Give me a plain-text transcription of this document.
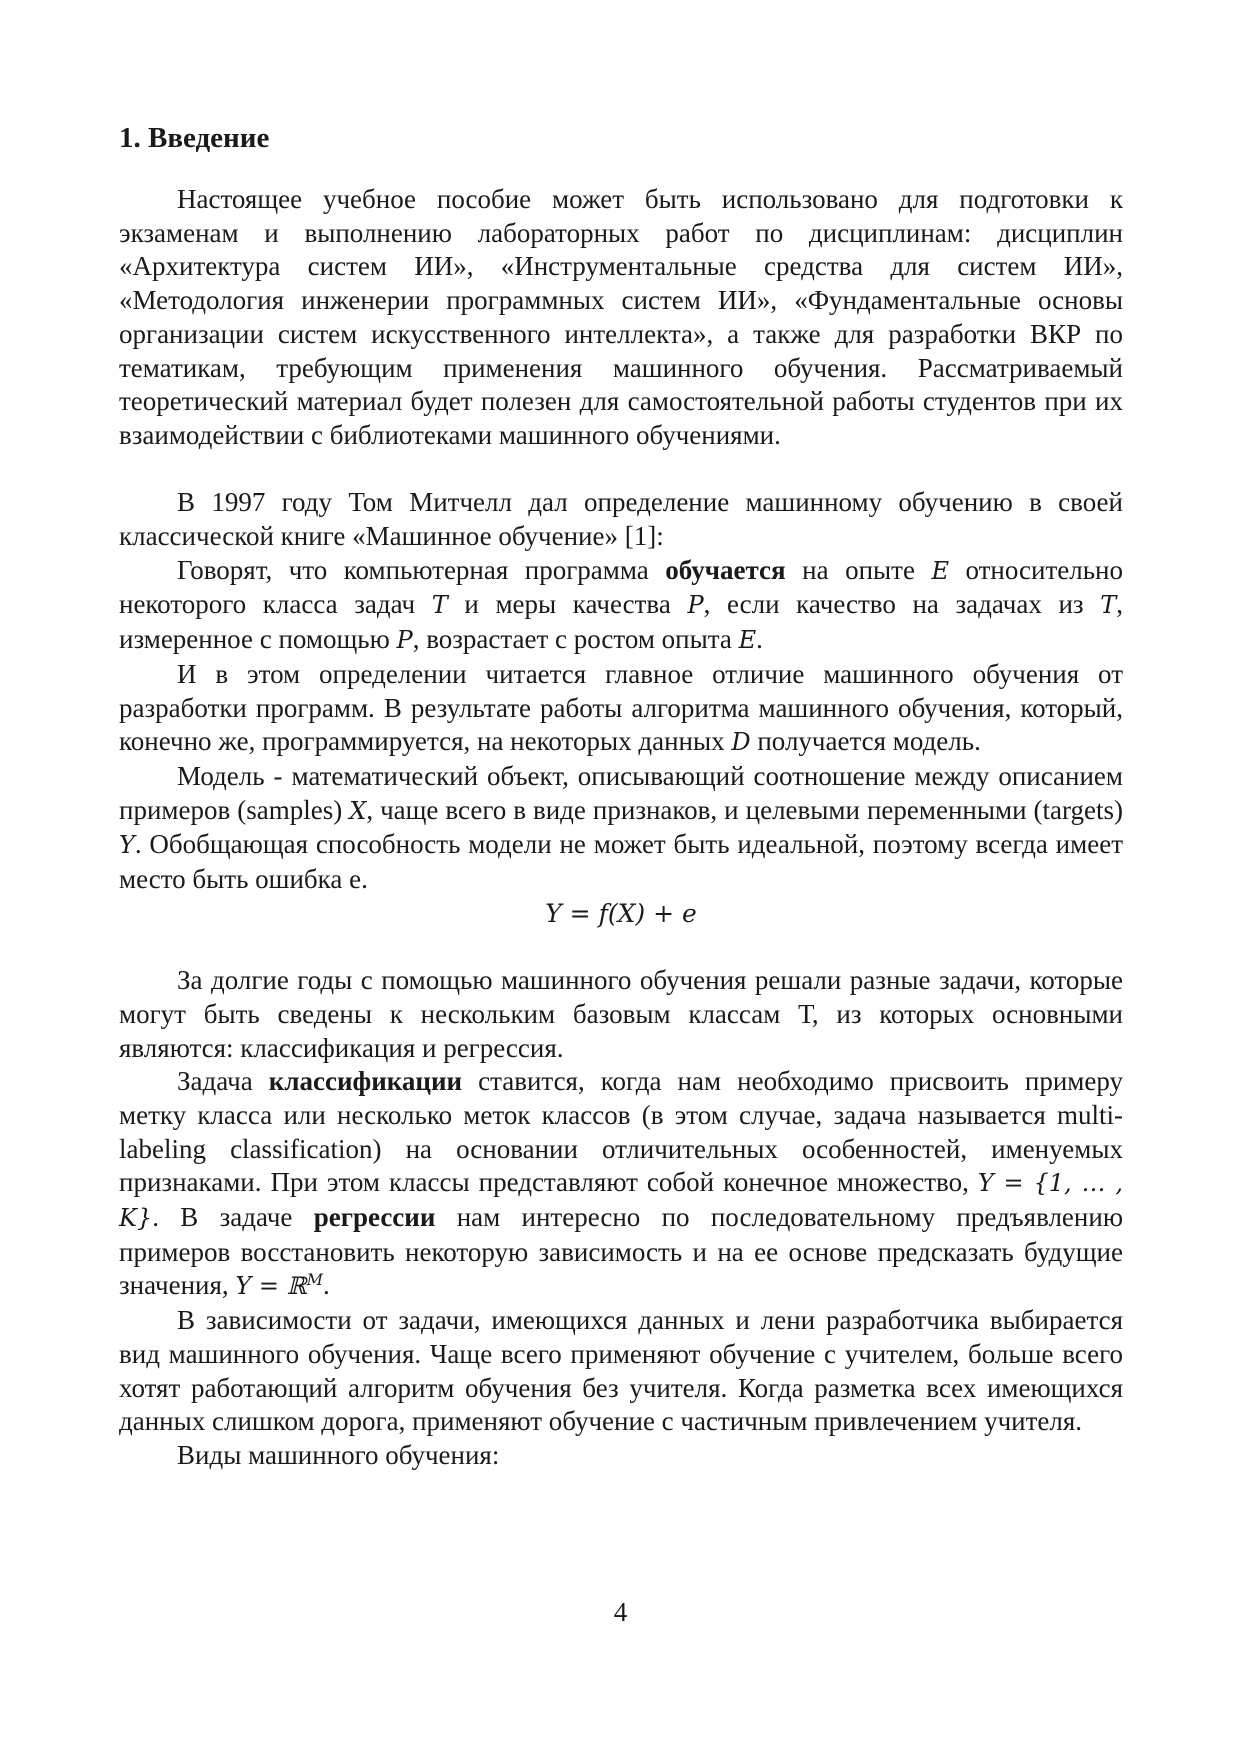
1. Введение

Настоящее учебное пособие может быть использовано для подготовки к экзаменам и выполнению лабораторных работ по дисциплинам: дисциплин «Архитектура систем ИИ», «Инструментальные средства для систем ИИ», «Методология инженерии программных систем ИИ», «Фундаментальные основы организации систем искусственного интеллекта», а также для разработки ВКР по тематикам, требующим применения машинного обучения. Рассматриваемый теоретический материал будет полезен для самостоятельной работы студентов при их взаимодействии с библиотеками машинного обучениями.

В 1997 году Том Митчелл дал определение машинному обучению в своей классической книге «Машинное обучение» [1]:

Говорят, что компьютерная программа обучается на опыте E относительно некоторого класса задач T и меры качества P, если качество на задачах из T, измеренное с помощью P, возрастает с ростом опыта E.

И в этом определении читается главное отличие машинного обучения от разработки программ. В результате работы алгоритма машинного обучения, который, конечно же, программируется, на некоторых данных D получается модель.

Модель - математический объект, описывающий соотношение между описанием примеров (samples) X, чаще всего в виде признаков, и целевыми переменными (targets) Y. Обобщающая способность модели не может быть идеальной, поэтому всегда имеет место быть ошибка e.

Y = f(X) + e

За долгие годы с помощью машинного обучения решали разные задачи, которые могут быть сведены к нескольким базовым классам Т, из которых основными являются: классификация и регрессия.

Задача классификации ставится, когда нам необходимо присвоить примеру метку класса или несколько меток классов (в этом случае, задача называется multi-labeling classification) на основании отличительных особенностей, именуемых признаками. При этом классы представляют собой конечное множество, Y = {1, … , K}. В задаче регрессии нам интересно по последовательному предъявлению примеров восстановить некоторую зависимость и на ее основе предсказать будущие значения, Y = ℝ$^M$.

В зависимости от задачи, имеющихся данных и лени разработчика выбирается вид машинного обучения. Чаще всего применяют обучение с учителем, больше всего хотят работающий алгоритм обучения без учителя. Когда разметка всех имеющихся данных слишком дорога, применяют обучение с частичным привлечением учителя.

Виды машинного обучения:

4
